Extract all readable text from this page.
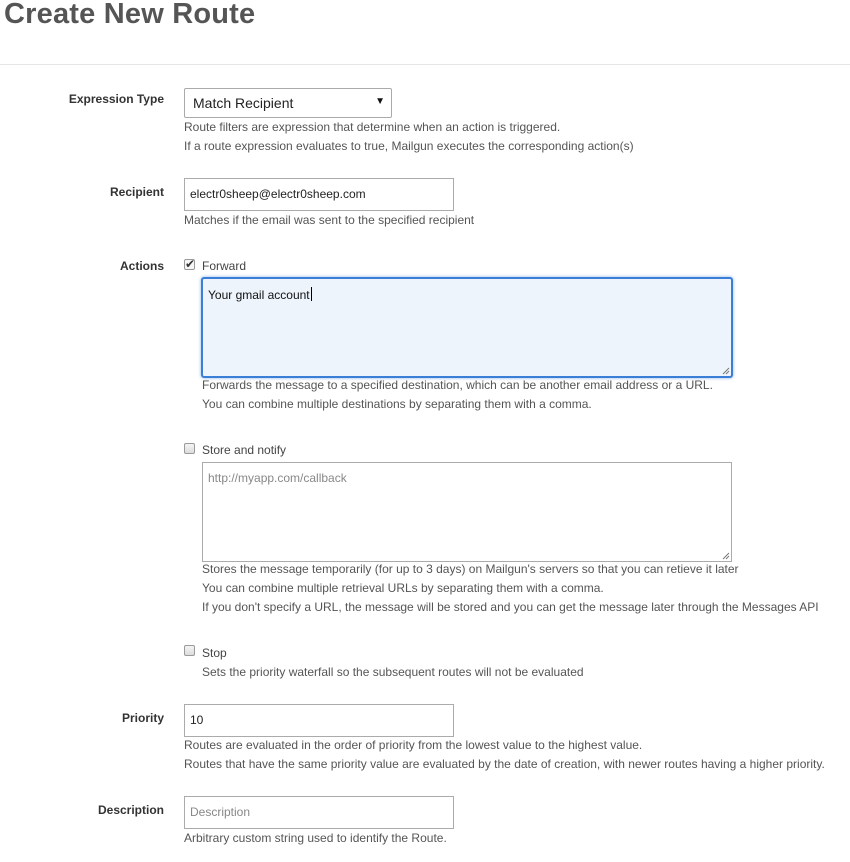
Create New Route
Expression Type Match Recipient	▼
Route filters are expression that determine when an action is triggered.
If a route expression evaluates to true, Mailgun executes the corresponding action(s)
Recipient electr0sheep@electr0sheep.com
Matches if the email was sent to the specified recipient
Actions ✔ Forward
Your gmail account
Forwards the message to a specified destination, which can be another email address or a URL.
You can combine multiple destinations by separating them with a comma.
Store and notify
http://myapp.com/callback
Stores the message temporarily (for up to 3 days) on Mailgun's servers so that you can retieve it later
You can combine multiple retrieval URLs by separating them with a comma.
If you don't specify a URL, the message will be stored and you can get the message later through the Messages API
Stop
Sets the priority waterfall so the subsequent routes will not be evaluated
Priority 10
Routes are evaluated in the order of priority from the lowest value to the highest value.
Routes that have the same priority value are evaluated by the date of creation, with newer routes having a higher priority.
Description Description
Arbitrary custom string used to identify the Route.
